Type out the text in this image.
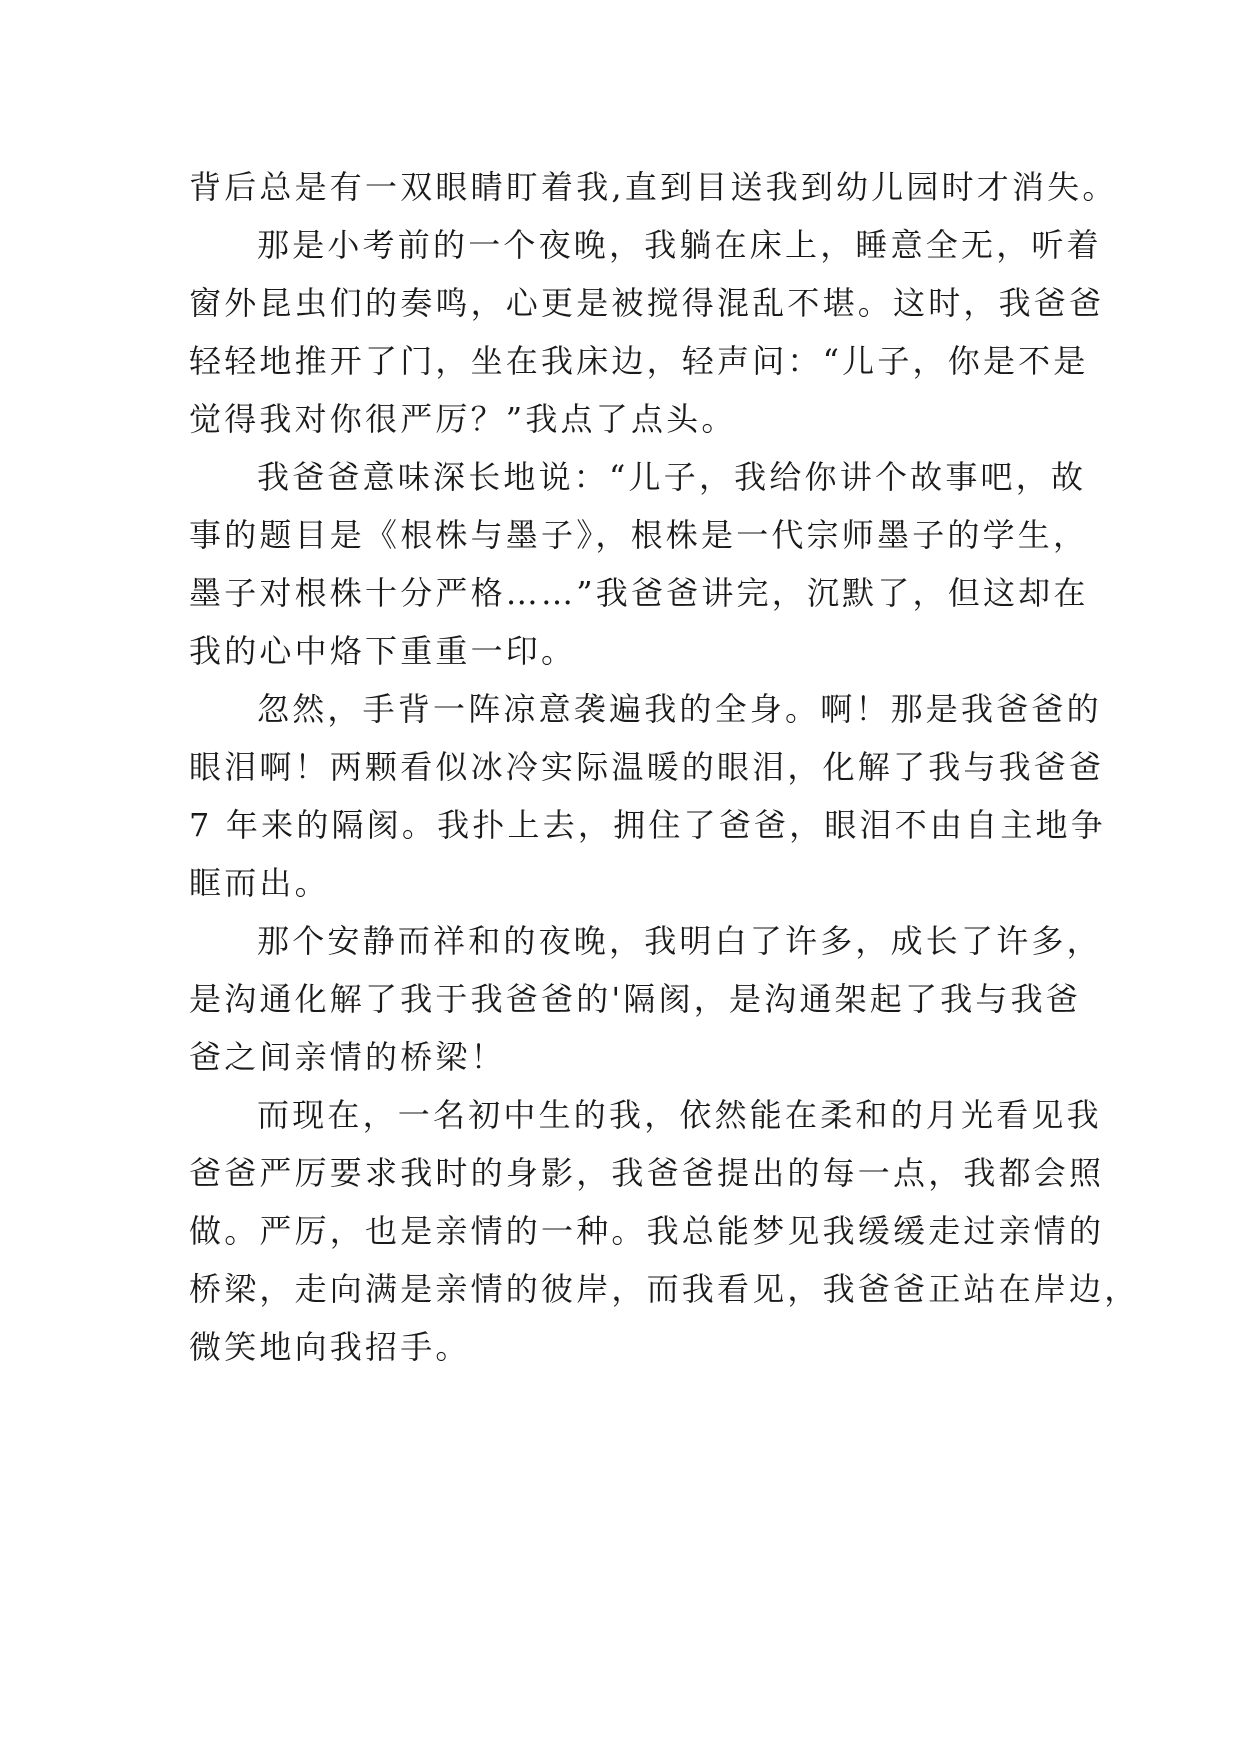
背后总是有一双眼睛盯着我,直到目送我到幼儿园时才消失。
那是小考前的一个夜晚，我躺在床上，睡意全无，听着
窗外昆虫们的奏鸣，心更是被搅得混乱不堪。这时，我爸爸
轻轻地推开了门，坐在我床边，轻声问：“儿子，你是不是
觉得我对你很严厉？”我点了点头。
我爸爸意味深长地说：“儿子，我给你讲个故事吧，故
事的题目是《根株与墨子》，根株是一代宗师墨子的学生，
墨子对根株十分严格……”我爸爸讲完，沉默了，但这却在
我的心中烙下重重一印。
忽然，手背一阵凉意袭遍我的全身。啊！那是我爸爸的
眼泪啊！两颗看似冰冷实际温暖的眼泪，化解了我与我爸爸
7 年来的隔阂。我扑上去，拥住了爸爸，眼泪不由自主地争
眶而出。
那个安静而祥和的夜晚，我明白了许多，成长了许多，
是沟通化解了我于我爸爸的'隔阂，是沟通架起了我与我爸
爸之间亲情的桥梁！
而现在，一名初中生的我，依然能在柔和的月光看见我
爸爸严厉要求我时的身影，我爸爸提出的每一点，我都会照
做。严厉，也是亲情的一种。我总能梦见我缓缓走过亲情的
桥梁，走向满是亲情的彼岸，而我看见，我爸爸正站在岸边，
微笑地向我招手。
